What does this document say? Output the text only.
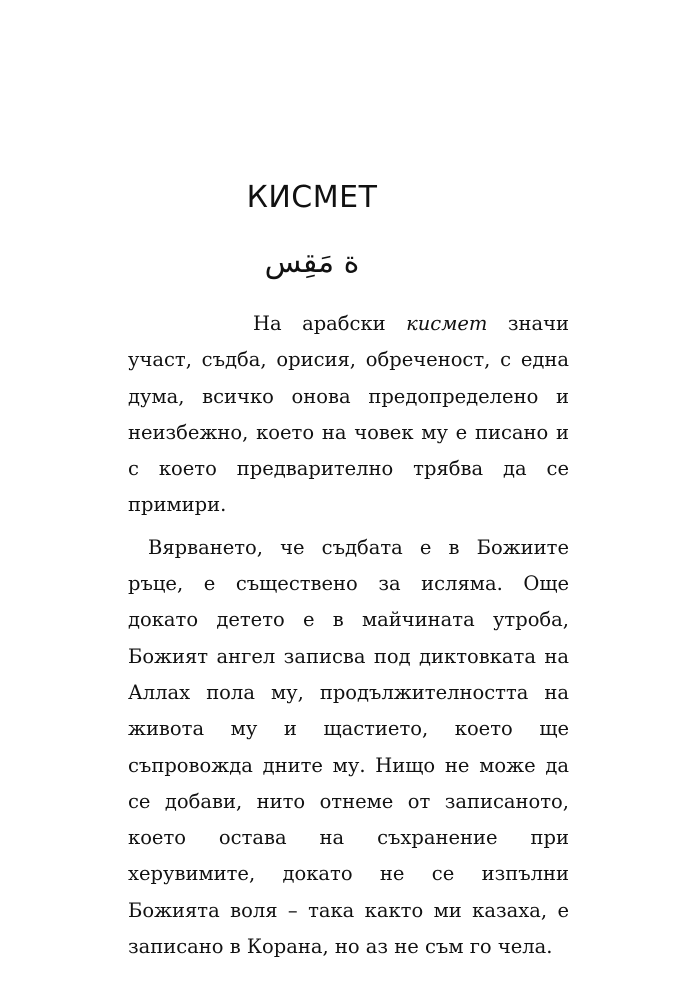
КИСМЕТ
ة مَقِس

На арабски кисмет значи участ, съдба, орисия, обреченост, с една дума, всичко онова предопределено и неизбежно, което на човек му е писано и с което предварително трябва да се примири.

Вярването, че съдбата е в Божиите ръце, е съществено за исляма. Още докато детето е в майчината утроба, Божият ангел записва под диктовката на Аллах пола му, продължителността на живота му и щастието, което ще съпровожда дните му. Нищо не може да се добави, нито отнеме от записаното, което остава на съхранение при херувимите, докато не се изпълни Божията воля – така както ми казаха, е записано в Корана, но аз не съм го чела.
